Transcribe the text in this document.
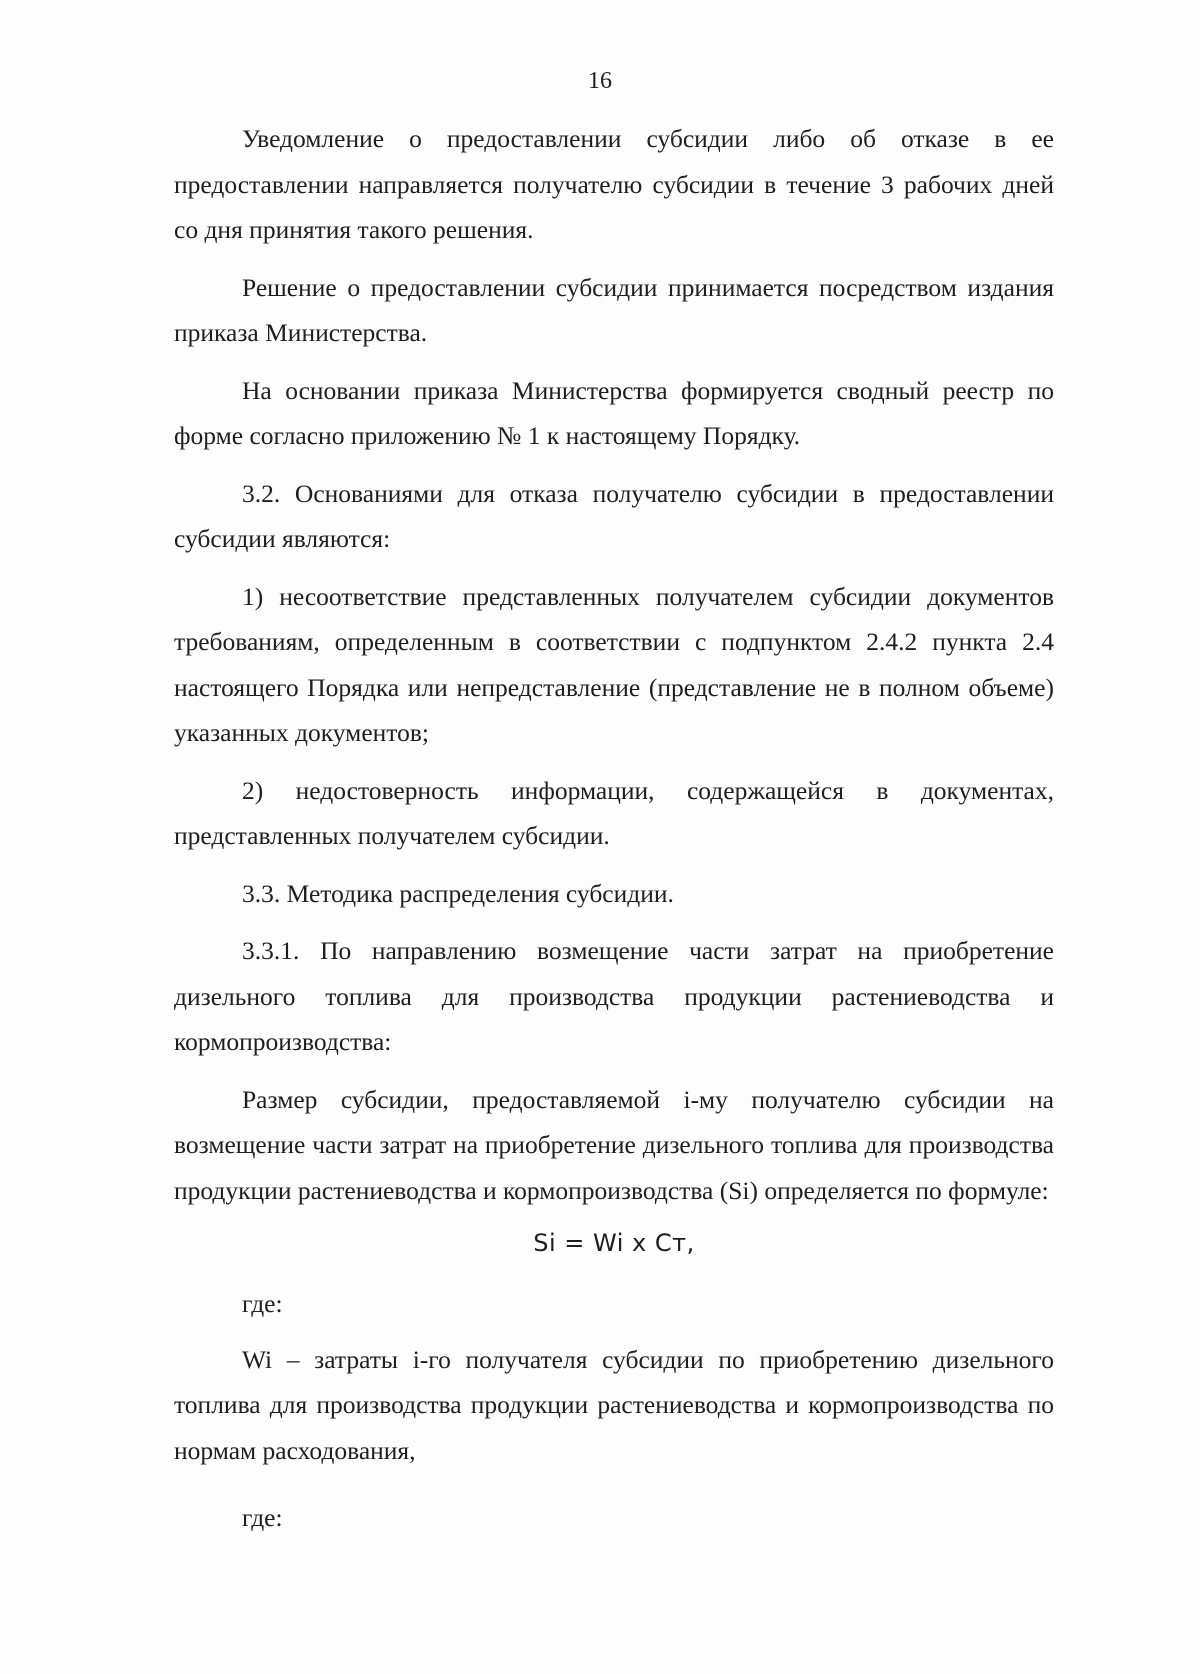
16

Уведомление о предоставлении субсидии либо об отказе в ее предоставлении направляется получателю субсидии в течение 3 рабочих дней со дня принятия такого решения.

Решение о предоставлении субсидии принимается посредством издания приказа Министерства.

На основании приказа Министерства формируется сводный реестр по форме согласно приложению № 1 к настоящему Порядку.

3.2. Основаниями для отказа получателю субсидии в предоставлении субсидии являются:

1) несоответствие представленных получателем субсидии документов требованиям, определенным в соответствии с подпунктом 2.4.2 пункта 2.4 настоящего Порядка или непредставление (представление не в полном объеме) указанных документов;

2) недостоверность информации, содержащейся в документах, представленных получателем субсидии.

3.3. Методика распределения субсидии.

3.3.1. По направлению возмещение части затрат на приобретение дизельного топлива для производства продукции растениеводства и кормопроизводства:

Размер субсидии, предоставляемой i-му получателю субсидии на возмещение части затрат на приобретение дизельного топлива для производства продукции растениеводства и кормопроизводства (Si) определяется по формуле:

Si = Wi x Ст,

где:

Wi – затраты i-го получателя субсидии по приобретению дизельного топлива для производства продукции растениеводства и кормопроизводства по нормам расходования,

где:
